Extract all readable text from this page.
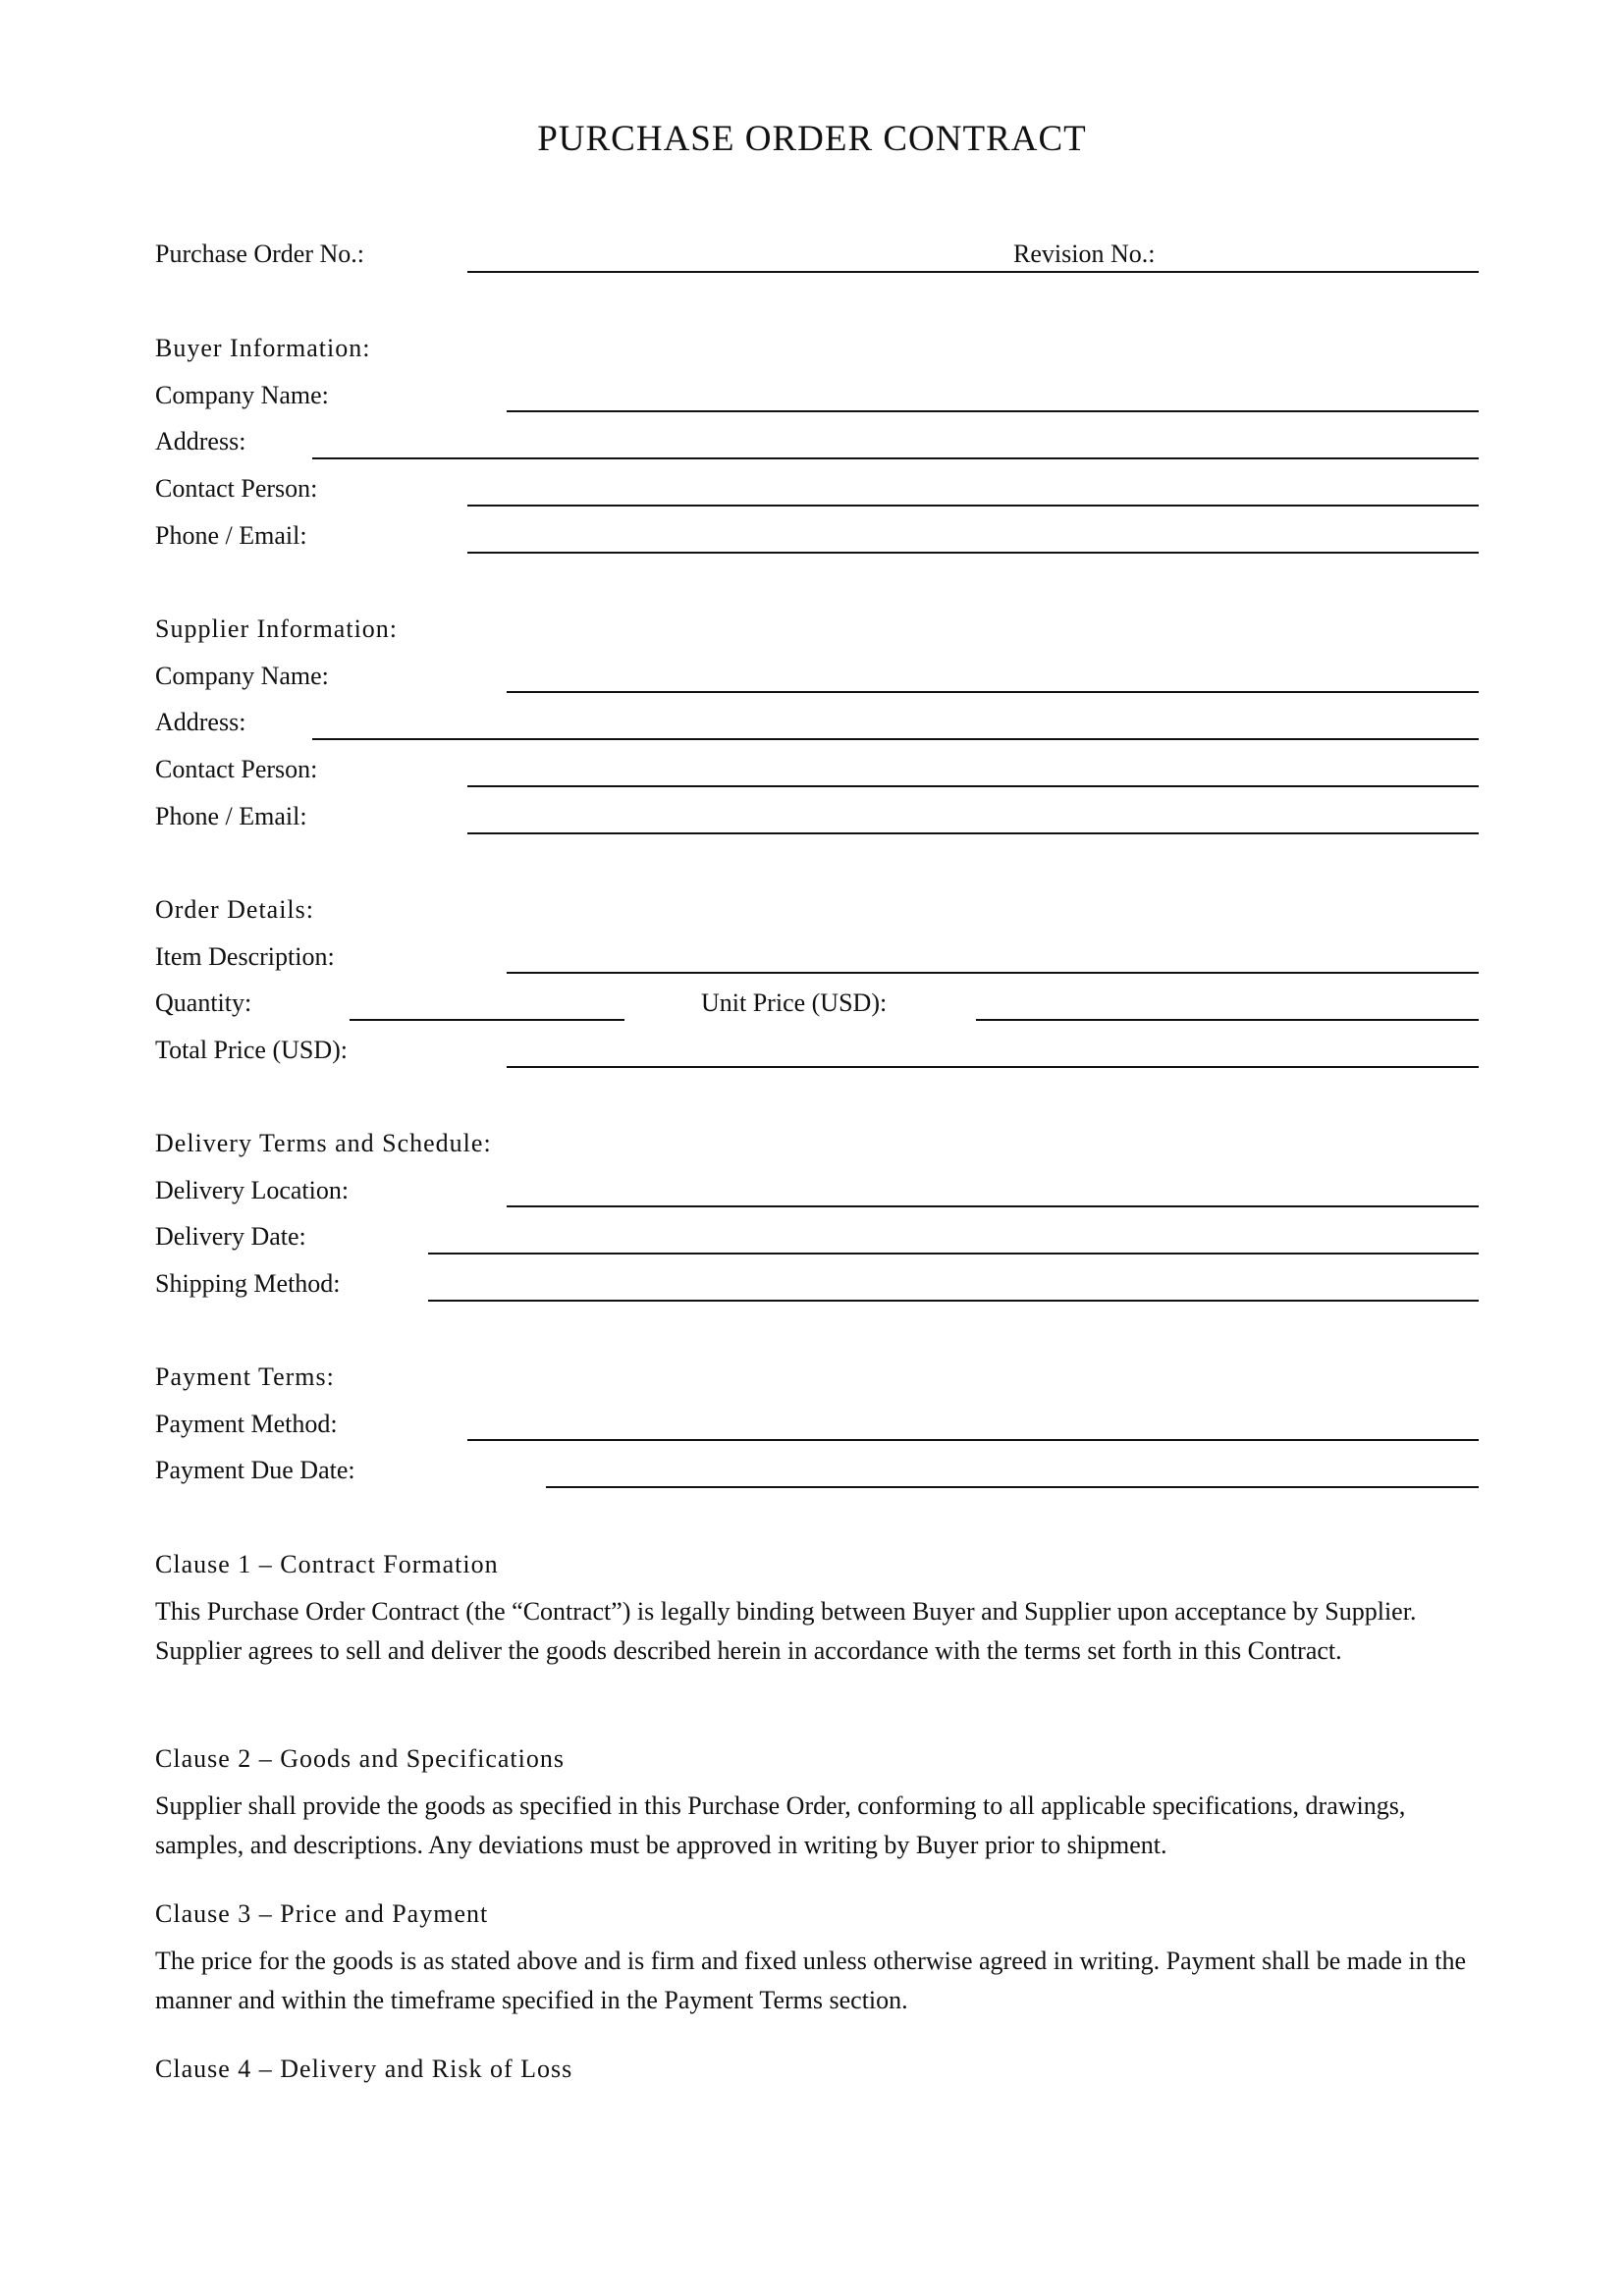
PURCHASE ORDER CONTRACT
Purchase Order No.:	Revision No.:
Buyer Information:
Company Name:
Address:
Contact Person:
Phone / Email:
Supplier Information:
Company Name:
Address:
Contact Person:
Phone / Email:
Order Details:
Item Description:
Quantity:	Unit Price (USD):
Total Price (USD):
Delivery Terms and Schedule:
Delivery Location:
Delivery Date:
Shipping Method:
Payment Terms:
Payment Method:
Payment Due Date:
Clause 1 – Contract Formation

This Purchase Order Contract (the “Contract”) is legally binding between Buyer and Supplier upon acceptance by Supplier. Supplier agrees to sell and deliver the goods described herein in accordance with the terms set forth in this Contract.

Clause 2 – Goods and Specifications

Supplier shall provide the goods as specified in this Purchase Order, conforming to all applicable specifications, drawings, samples, and descriptions. Any deviations must be approved in writing by Buyer prior to shipment.

Clause 3 – Price and Payment

The price for the goods is as stated above and is firm and fixed unless otherwise agreed in writing. Payment shall be made in the manner and within the timeframe specified in the Payment Terms section.

Clause 4 – Delivery and Risk of Loss
